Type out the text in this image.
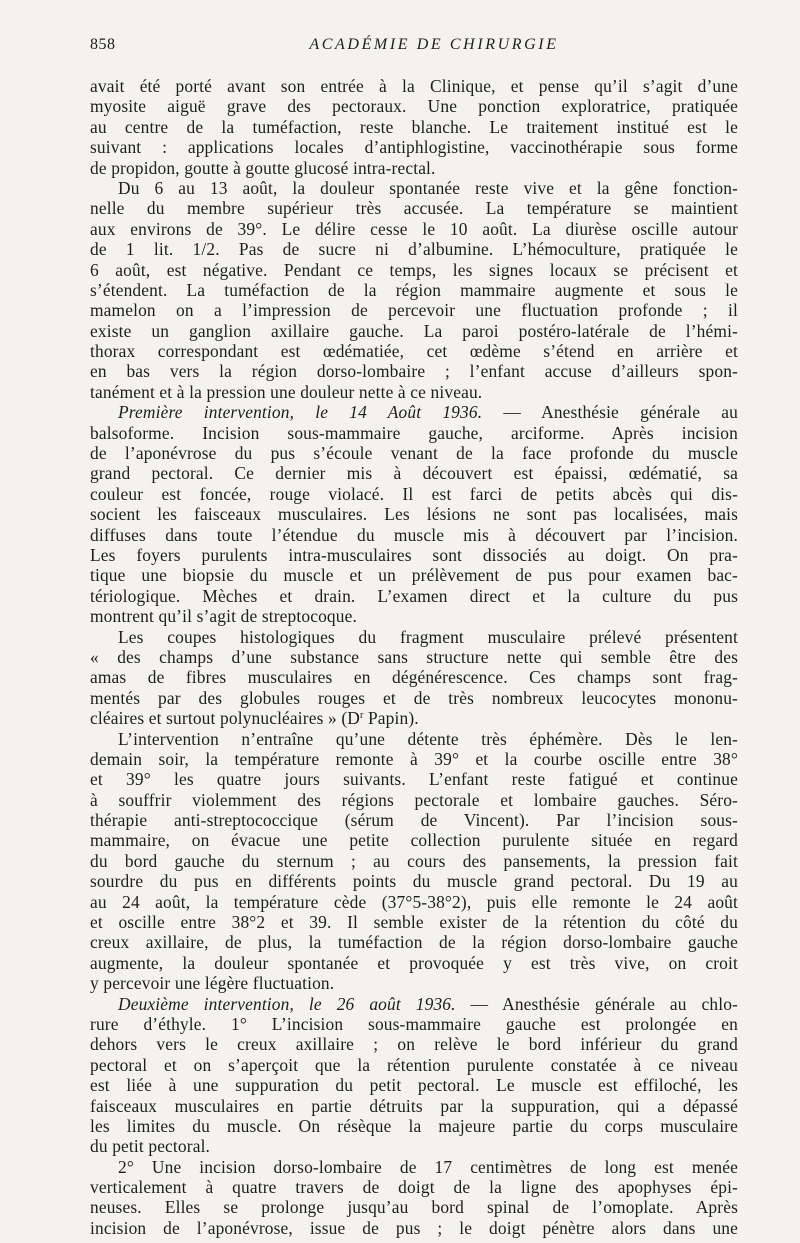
858	ACADÉMIE DE CHIRURGIE
avait été porté avant son entrée à la Clinique, et pense qu’il s’agit d’une
myosite aiguë grave des pectoraux. Une ponction exploratrice, pratiquée
au centre de la tuméfaction, reste blanche. Le traitement institué est le
suivant : applications locales d’antiphlogistine, vaccinothérapie sous forme
de propidon, goutte à goutte glucosé intra-rectal.
Du 6 au 13 août, la douleur spontanée reste vive et la gêne fonction-
nelle du membre supérieur très accusée. La température se maintient
aux environs de 39°. Le délire cesse le 10 août. La diurèse oscille autour
de 1 lit. 1/2. Pas de sucre ni d’albumine. L’hémoculture, pratiquée le
6 août, est négative. Pendant ce temps, les signes locaux se précisent et
s’étendent. La tuméfaction de la région mammaire augmente et sous le
mamelon on a l’impression de percevoir une fluctuation profonde ; il
existe un ganglion axillaire gauche. La paroi postéro-latérale de l’hémi-
thorax correspondant est œdématiée, cet œdème s’étend en arrière et
en bas vers la région dorso-lombaire ; l’enfant accuse d’ailleurs spon-
tanément et à la pression une douleur nette à ce niveau.
Première intervention, le 14 Août 1936. — Anesthésie générale au
balsoforme. Incision sous-mammaire gauche, arciforme. Après incision
de l’aponévrose du pus s’écoule venant de la face profonde du muscle
grand pectoral. Ce dernier mis à découvert est épaissi, œdématié, sa
couleur est foncée, rouge violacé. Il est farci de petits abcès qui dis-
socient les faisceaux musculaires. Les lésions ne sont pas localisées, mais
diffuses dans toute l’étendue du muscle mis à découvert par l’incision.
Les foyers purulents intra-musculaires sont dissociés au doigt. On pra-
tique une biopsie du muscle et un prélèvement de pus pour examen bac-
tériologique. Mèches et drain. L’examen direct et la culture du pus
montrent qu’il s’agit de streptocoque.
Les coupes histologiques du fragment musculaire prélevé présentent
« des champs d’une substance sans structure nette qui semble être des
amas de fibres musculaires en dégénérescence. Ces champs sont frag-
mentés par des globules rouges et de très nombreux leucocytes mononu-
cléaires et surtout polynucléaires » ($D^r$ Papin).
L’intervention n’entraîne qu’une détente très éphémère. Dès le len-
demain soir, la température remonte à 39° et la courbe oscille entre 38°
et 39° les quatre jours suivants. L’enfant reste fatigué et continue
à souffrir violemment des régions pectorale et lombaire gauches. Séro-
thérapie anti-streptococcique (sérum de Vincent). Par l’incision sous-
mammaire, on évacue une petite collection purulente située en regard
du bord gauche du sternum ; au cours des pansements, la pression fait
sourdre du pus en différents points du muscle grand pectoral. Du 19 au
au 24 août, la température cède (37°5-38°2), puis elle remonte le 24 août
et oscille entre 38°2 et 39. Il semble exister de la rétention du côté du
creux axillaire, de plus, la tuméfaction de la région dorso-lombaire gauche
augmente, la douleur spontanée et provoquée y est très vive, on croit
y percevoir une légère fluctuation.
Deuxième intervention, le 26 août 1936. — Anesthésie générale au chlo-
rure d’éthyle. 1° L’incision sous-mammaire gauche est prolongée en
dehors vers le creux axillaire ; on relève le bord inférieur du grand
pectoral et on s’aperçoit que la rétention purulente constatée à ce niveau
est liée à une suppuration du petit pectoral. Le muscle est effiloché, les
faisceaux musculaires en partie détruits par la suppuration, qui a dépassé
les limites du muscle. On résèque la majeure partie du corps musculaire
du petit pectoral.
2° Une incision dorso-lombaire de 17 centimètres de long est menée
verticalement à quatre travers de doigt de la ligne des apophyses épi-
neuses. Elles se prolonge jusqu’au bord spinal de l’omoplate. Après
incision de l’aponévrose, issue de pus ; le doigt pénètre alors dans une
